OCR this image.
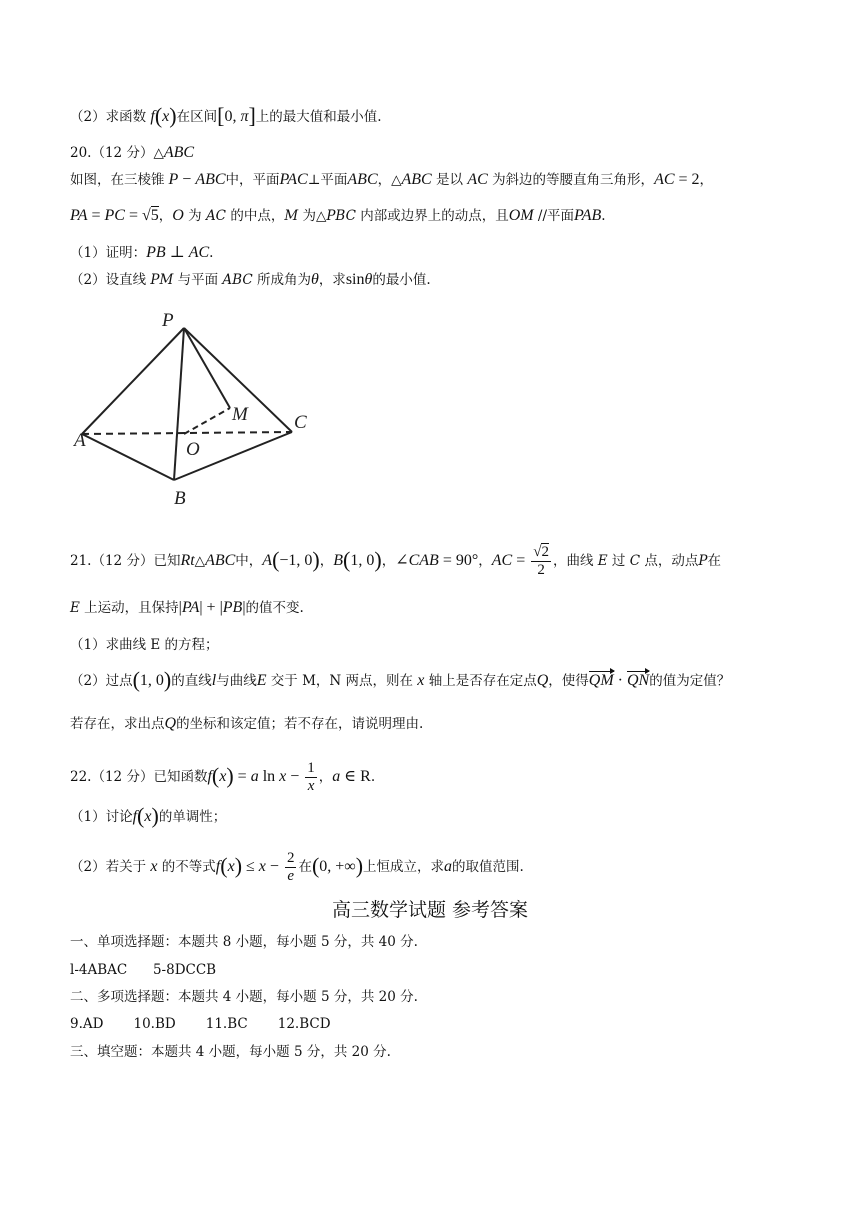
（2）求函数 f(x)在区间[0, π]上的最大值和最小值.
20.（12 分）△ABC
如图，在三棱锥 P − ABC中，平面PAC⊥平面ABC，△ABC 是以 AC 为斜边的等腰直角三角形，AC = 2，
PA = PC = √5，O 为 AC 的中点，M 为△PBC 内部或边界上的动点，且OM //平面PAB.
（1）证明：PB ⊥ AC.
（2）设直线 PM 与平面 ABC 所成角为θ，求sinθ的最小值.
P
A
B
C
O
M
21.（12 分）已知Rt△ABC中，A(−1, 0)，B(1, 0)，∠CAB = 90°，AC = $\frac{√2}{2}$ ，曲线 E 过 C 点，动点P在
E 上运动，且保持|PA| + |PB|的值不变.
（1）求曲线 E 的方程；
（2）过点(1, 0)的直线l与曲线E 交于 M，N 两点，则在 x 轴上是否存在定点Q，使得QM · QN的值为定值？
若存在，求出点Q的坐标和该定值；若不存在，请说明理由.
22.（12 分）已知函数f(x) = a $\ln x - \frac{1}{x}$ ，a ∈ R.
（1）讨论f(x)的单调性；
（2）若关于 x 的不等式$f(x) \le x - \frac{2}{e}$ 在(0, +∞)上恒成立，求a的取值范围.
高三数学试题 参考答案
一、单项选择题：本题共 8 小题，每小题 5 分，共 40 分.
l-4ABAC      5-8DCCB
二、多项选择题：本题共 4 小题，每小题 5 分，共 20 分.
9.AD       10.BD       11.BC       12.BCD
三、填空题：本题共 4 小题，每小题 5 分，共 20 分.
